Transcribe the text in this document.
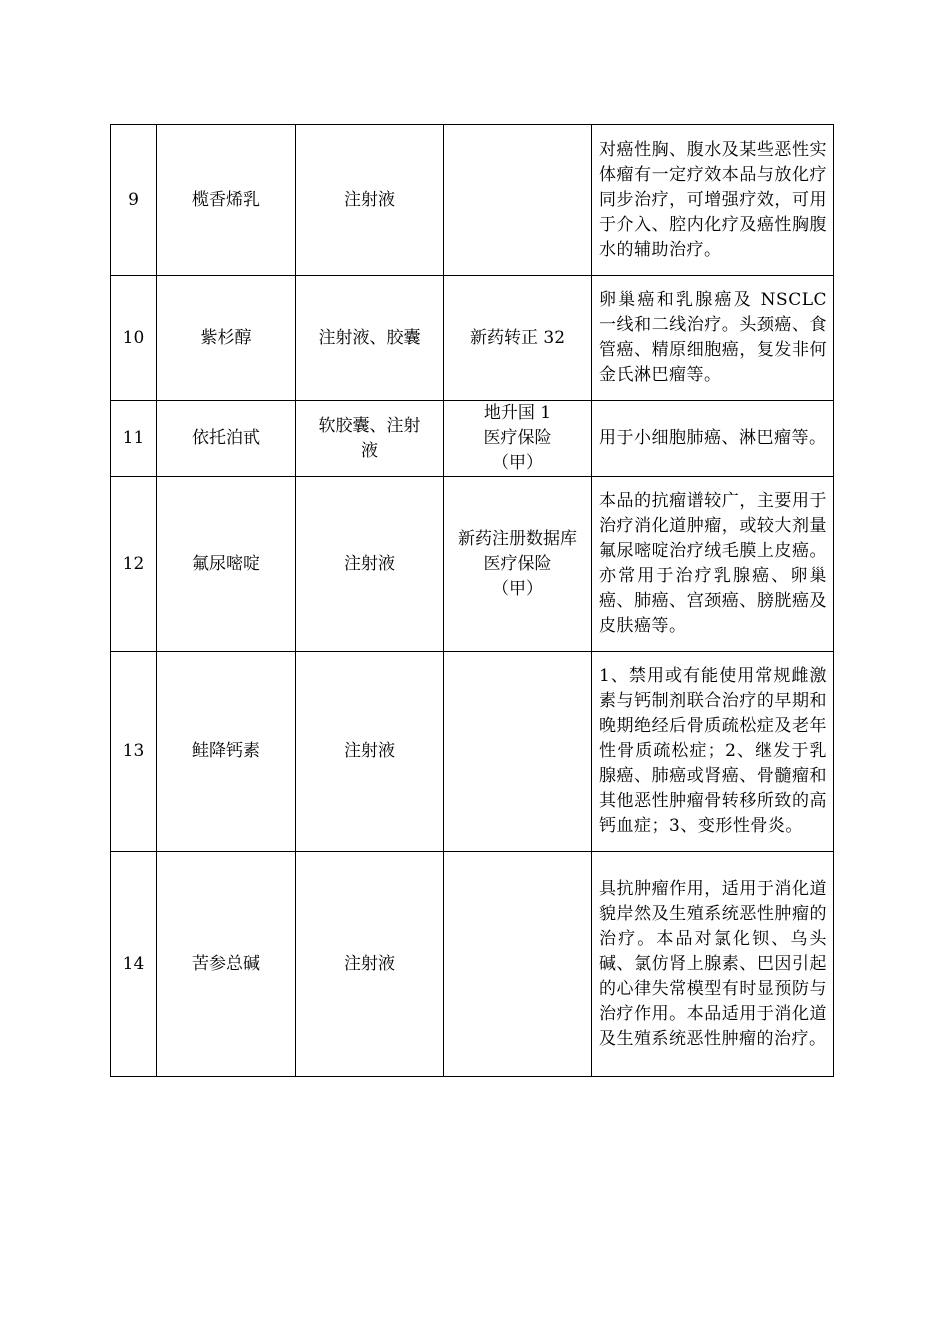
9	榄香烯乳	注射液		对癌性胸、腹水及某些恶性实体瘤有一定疗效本品与放化疗同步治疗，可增强疗效，可用于介入、腔内化疗及癌性胸腹水的辅助治疗。
10	紫杉醇	注射液、胶囊	新药转正 32	卵巢癌和乳腺癌及 NSCLC 一线和二线治疗。头颈癌、食管癌、精原细胞癌，复发非何金氏淋巴瘤等。
11	依托泊甙	软胶囊、注射液	地升国 1
医疗保险
（甲）	用于小细胞肺癌、淋巴瘤等。
12	氟尿嘧啶	注射液	新药注册数据库
医疗保险
（甲）	本品的抗瘤谱较广，主要用于治疗消化道肿瘤，或较大剂量氟尿嘧啶治疗绒毛膜上皮癌。亦常用于治疗乳腺癌、卵巢癌、肺癌、宫颈癌、膀胱癌及皮肤癌等。
13	鲑降钙素	注射液		1、禁用或有能使用常规雌激素与钙制剂联合治疗的早期和晚期绝经后骨质疏松症及老年性骨质疏松症；2、继发于乳腺癌、肺癌或肾癌、骨髓瘤和其他恶性肿瘤骨转移所致的高钙血症；3、变形性骨炎。
14	苦参总碱	注射液		具抗肿瘤作用，适用于消化道貌岸然及生殖系统恶性肿瘤的治疗。本品对氯化钡、乌头碱、氯仿肾上腺素、巴因引起的心律失常模型有时显预防与治疗作用。本品适用于消化道及生殖系统恶性肿瘤的治疗。
